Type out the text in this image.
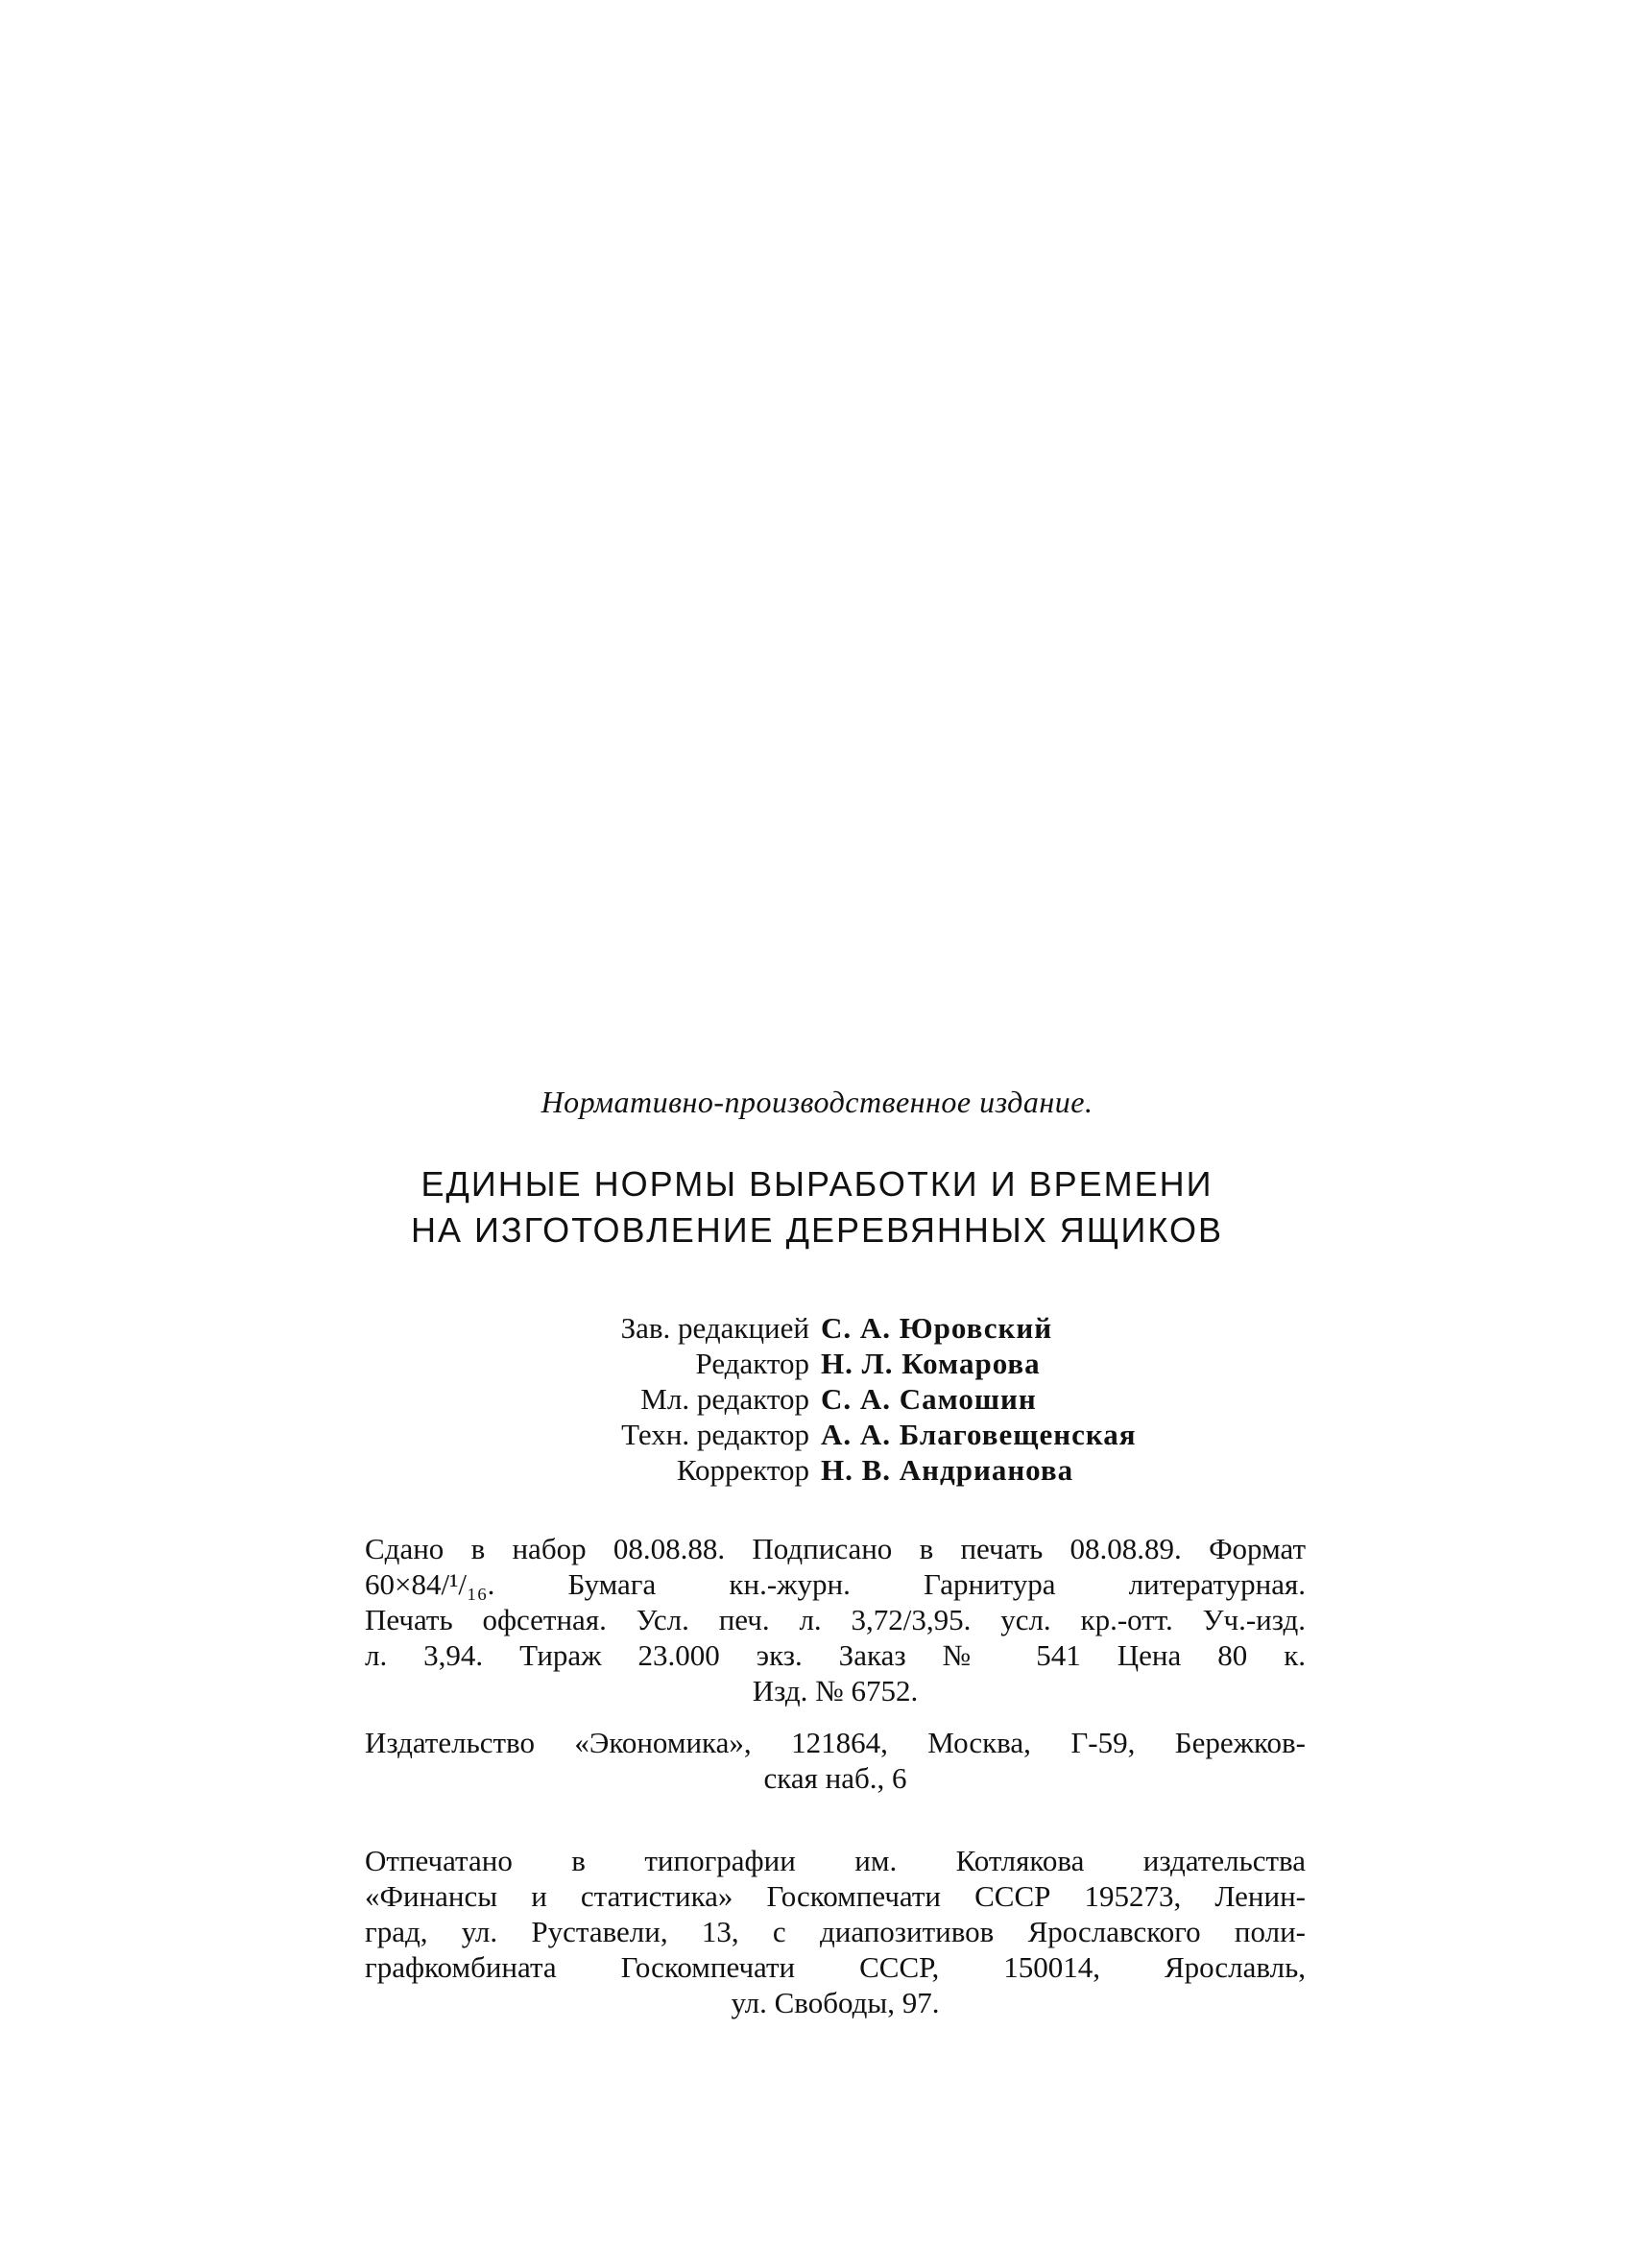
Нормативно-производственное издание.
ЕДИНЫЕ НОРМЫ ВЫРАБОТКИ И ВРЕМЕНИ
НА ИЗГОТОВЛЕНИЕ ДЕРЕВЯННЫХ ЯЩИКОВ
Зав. редакцией С. А. Юровский
Редактор Н. Л. Комарова
Мл. редактор С. А. Самошин
Техн. редактор А. А. Благовещенская
Корректор Н. В. Андрианова
Сдано в набор 08.08.88. Подписано в печать 08.08.89. Формат
60×84/¹/₁₆. Бумага кн.-журн. Гарнитура литературная.
Печать офсетная. Усл. печ. л. 3,72/3,95. усл. кр.-отт. Уч.-изд.
л. 3,94. Тираж 23.000 экз. Заказ № 541 Цена 80 к.
Изд. № 6752.
Издательство «Экономика», 121864, Москва, Г-59, Бережков-
ская наб., 6
Отпечатано в типографии им. Котлякова издательства
«Финансы и статистика» Госкомпечати СССР 195273, Ленин-
град, ул. Руставели, 13, с диапозитивов Ярославского поли-
графкомбината Госкомпечати СССР, 150014, Ярославль,
ул. Свободы, 97.
